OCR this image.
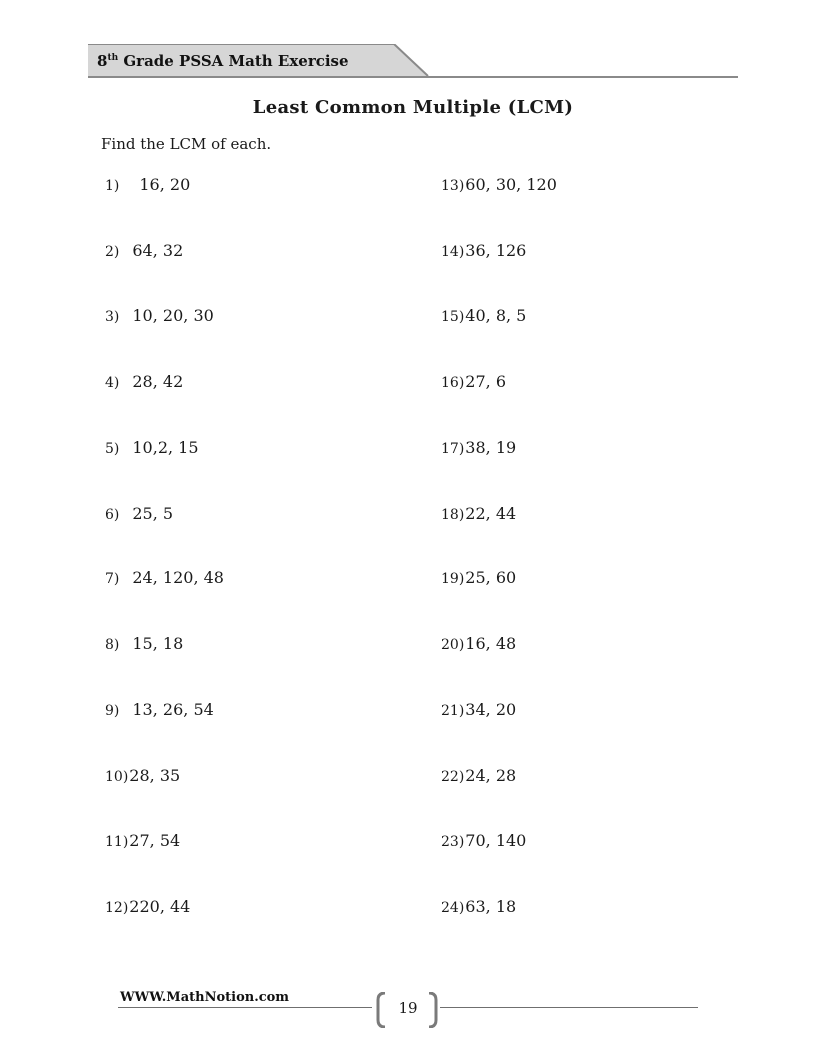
8th Grade PSSA Math Exercise
Least Common Multiple (LCM)
Find the LCM of each.
1) 16, 20
2) 64, 32
3) 10, 20, 30
4) 28, 42
5) 10,2, 15
6) 25, 5
7) 24, 120, 48
8) 15, 18
9) 13, 26, 54
10)28, 35
11)27, 54
12)220, 44
13)60, 30, 120
14)36, 126
15)40, 8, 5
16)27, 6
17)38, 19
18)22, 44
19)25, 60
20)16, 48
21)34, 20
22)24, 28
23)70, 140
24)63, 18
WWW.MathNotion.com
19
